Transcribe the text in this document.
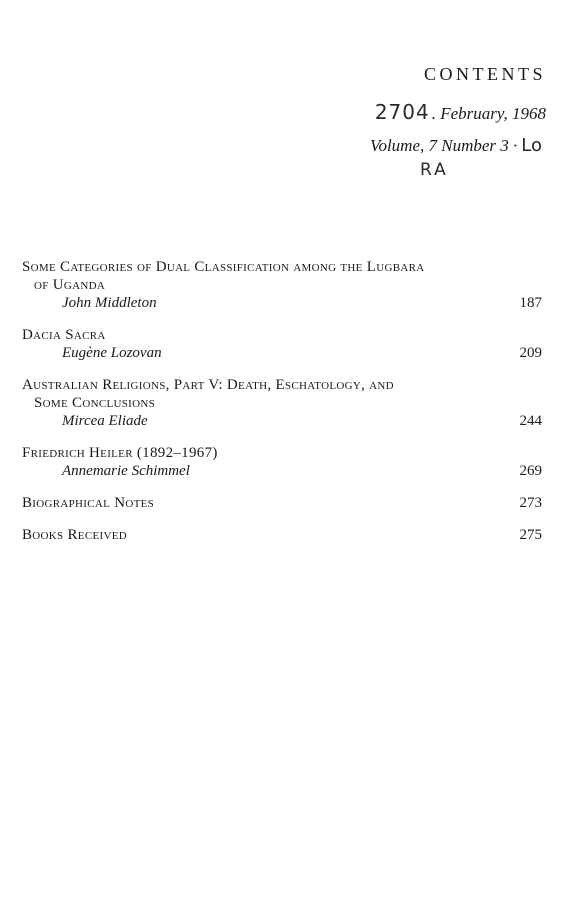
CONTENTS
2704 . February, 1968
Volume, 7 Number 3 · Lo
RA
Some Categories of Dual Classification among the Lugbara
of Uganda
John Middleton	187
Dacia Sacra
Eugène Lozovan	209
Australian Religions, Part V: Death, Eschatology, and
Some Conclusions
Mircea Eliade	244
Friedrich Heiler (1892–1967)
Annemarie Schimmel	269
Biographical Notes	273
Books Received	275
